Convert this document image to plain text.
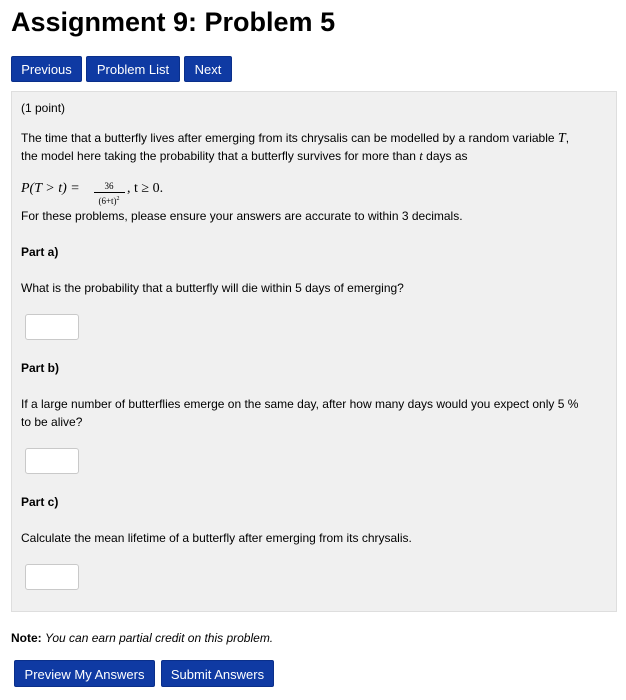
Assignment 9: Problem 5
Previous	Problem List	Next
(1 point)
The time that a butterfly lives after emerging from its chrysalis can be modelled by a random variable T,
the model here taking the probability that a butterfly survives for more than t days as
P(T > t) =	36
$(6+t)^2$
, t ≥ 0.
For these problems, please ensure your answers are accurate to within 3 decimals.
Part a)
What is the probability that a butterfly will die within 5 days of emerging?
Part b)
If a large number of butterflies emerge on the same day, after how many days would you expect only 5 %
to be alive?
Part c)
Calculate the mean lifetime of a butterfly after emerging from its chrysalis.
Note: You can earn partial credit on this problem.
Preview My Answers	Submit Answers
